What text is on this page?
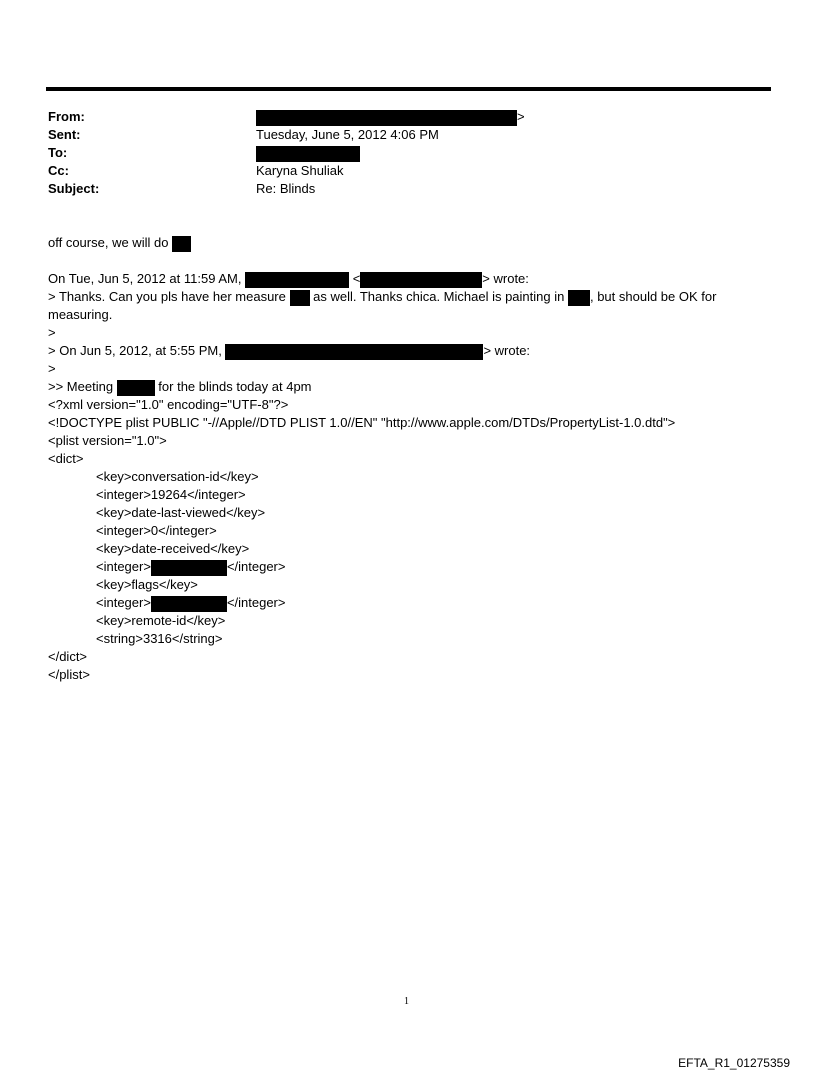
From:	>
Sent:	Tuesday, June 5, 2012 4:06 PM
To:
Cc:	Karyna Shuliak
Subject:	Re: Blinds
off course, we will do
On Tue, Jun 5, 2012 at 11:59 AM,	<	> wrote:
> Thanks. Can you pls have her measure as well. Thanks chica. Michael is painting in , but should be OK for
measuring.
>
> On Jun 5, 2012, at 5:55 PM,	> wrote:
>
>> Meeting	for the blinds today at 4pm
<?xml version="1.0" encoding="UTF-8"?>
<!DOCTYPE plist PUBLIC "-//Apple//DTD PLIST 1.0//EN" "http://www.apple.com/DTDs/PropertyList-1.0.dtd">
<plist version="1.0">
<dict>
<key>conversation-id</key>
<integer>19264</integer>
<key>date-last-viewed</key>
<integer>0</integer>
<key>date-received</key>
<integer>	</integer>
<key>flags</key>
<integer>	</integer>
<key>remote-id</key>
<string>3316</string>
</dict>
</plist>
1
EFTA_R1_01275359
